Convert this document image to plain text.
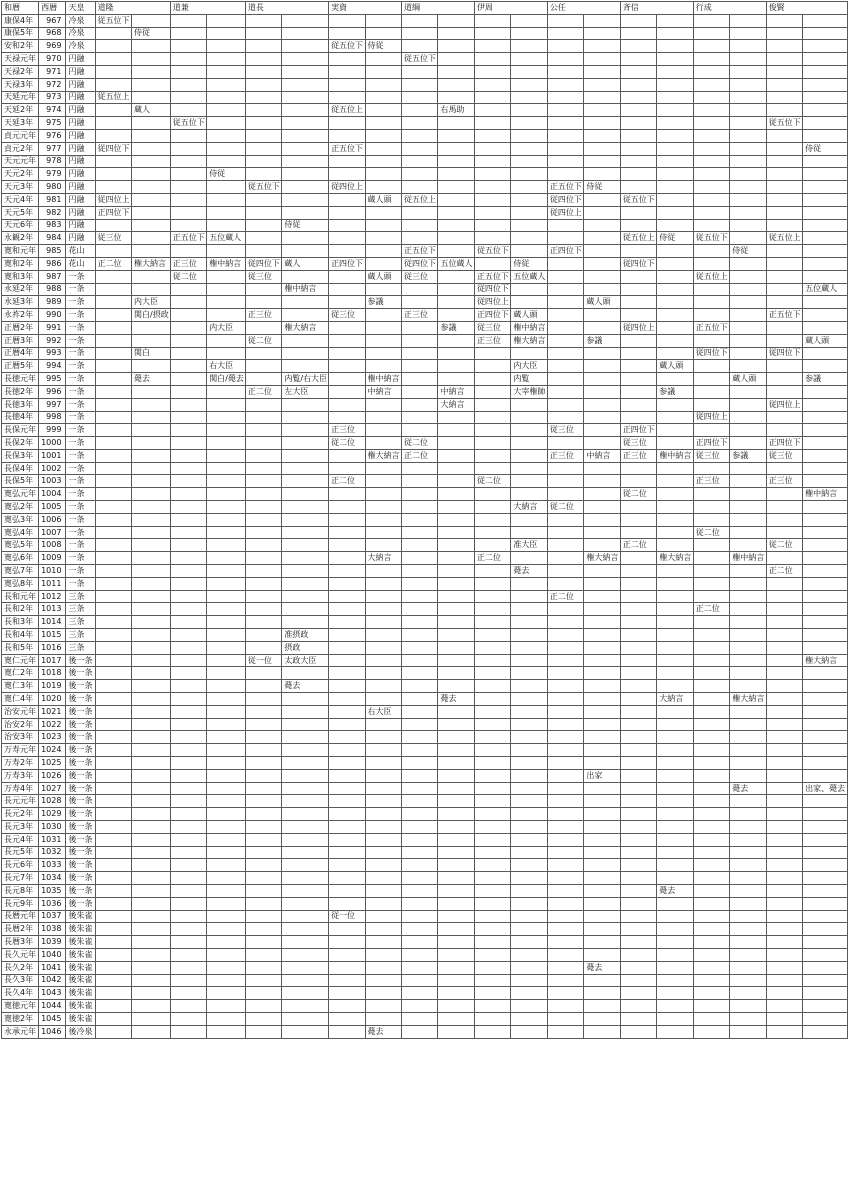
和暦	西暦	天皇	道隆		道兼		道長		実資		道綱		伊周		公任		斉信		行成		俊賢	
康保4年	967	冷泉	従五位下																			
康保5年	968	冷泉		侍従																		
安和2年	969	冷泉							従五位下	侍従												
天禄元年	970	円融									従五位下											
天禄2年	971	円融																				
天禄3年	972	円融																				
天延元年	973	円融	従五位上																			
天延2年	974	円融		蔵人					従五位上			右馬助										
天延3年	975	円融			従五位下																従五位下	
貞元元年	976	円融																				
貞元2年	977	円融	従四位下						正五位下													侍従
天元元年	978	円融																				
天元2年	979	円融				侍従																
天元3年	980	円融					従五位下		従四位上						正五位下	侍従						
天元4年	981	円融	従四位上							蔵人頭	従五位上				従四位下		従五位下					
天元5年	982	円融	正四位下												従四位上							
天元6年	983	円融						侍従														
永観2年	984	円融	従三位		正五位下	五位蔵人											従五位上	侍従	従五位下		従五位上	
寛和元年	985	花山									正五位下		従五位下		正四位下					侍従		
寛和2年	986	花山	正二位	権大納言	正三位	権中納言	従四位下	蔵人	正四位下		従四位下	五位蔵人		侍従			従四位下					
寛和3年	987	一条			従二位		従三位			蔵人頭	従三位		正五位下	五位蔵人					従五位上			
永延2年	988	一条						権中納言					従四位下									五位蔵人
永延3年	989	一条		内大臣						参議			従四位上			蔵人頭						
永祚2年	990	一条		関白/摂政			正三位		従三位		正三位		正四位下	蔵人頭							正五位下	
正暦2年	991	一条				内大臣		権大納言				参議	従三位	権中納言			従四位上		正五位下			
正暦3年	992	一条					従二位						正三位	権大納言		参議						蔵人頭
正暦4年	993	一条		関白															従四位下		従四位下	
正暦5年	994	一条				右大臣								内大臣				蔵人頭				
長徳元年	995	一条		薨去		関白/薨去		内覧/右大臣		権中納言				内覧						蔵人頭		参議
長徳2年	996	一条					正二位	左大臣		中納言		中納言		大宰権帥				参議				
長徳3年	997	一条										大納言									従四位上	
長徳4年	998	一条																	従四位上			
長保元年	999	一条							正三位						従三位		正四位下					
長保2年	1000	一条							従二位		従二位						従三位		正四位下		正四位下	
長保3年	1001	一条								権大納言	正二位				正三位	中納言	正三位	権中納言	従三位	参議	従三位	
長保4年	1002	一条																				
長保5年	1003	一条							正二位				従二位						正三位		正三位	
寛弘元年	1004	一条															従二位					権中納言
寛弘2年	1005	一条												大納言	従二位							
寛弘3年	1006	一条																				
寛弘4年	1007	一条																	従二位			
寛弘5年	1008	一条												准大臣			正二位				従二位	
寛弘6年	1009	一条								大納言			正二位			権大納言		権大納言		権中納言		
寛弘7年	1010	一条												薨去							正二位	
寛弘8年	1011	一条																				
長和元年	1012	三条													正二位							
長和2年	1013	三条																	正二位			
長和3年	1014	三条																				
長和4年	1015	三条						准摂政														
長和5年	1016	三条						摂政														
寛仁元年	1017	後一条					従一位	太政大臣														権大納言
寛仁2年	1018	後一条																				
寛仁3年	1019	後一条						薨去														
寛仁4年	1020	後一条										薨去						大納言		権大納言		
治安元年	1021	後一条								右大臣												
治安2年	1022	後一条																				
治安3年	1023	後一条																				
万寿元年	1024	後一条																				
万寿2年	1025	後一条																				
万寿3年	1026	後一条														出家						
万寿4年	1027	後一条																		薨去		出家、薨去
長元元年	1028	後一条																				
長元2年	1029	後一条																				
長元3年	1030	後一条																				
長元4年	1031	後一条																				
長元5年	1032	後一条																				
長元6年	1033	後一条																				
長元7年	1034	後一条																				
長元8年	1035	後一条																薨去				
長元9年	1036	後一条																				
長暦元年	1037	後朱雀							従一位													
長暦2年	1038	後朱雀																				
長暦3年	1039	後朱雀																				
長久元年	1040	後朱雀																				
長久2年	1041	後朱雀														薨去						
長久3年	1042	後朱雀																				
長久4年	1043	後朱雀																				
寛徳元年	1044	後朱雀																				
寛徳2年	1045	後朱雀																				
永承元年	1046	後冷泉								薨去												
